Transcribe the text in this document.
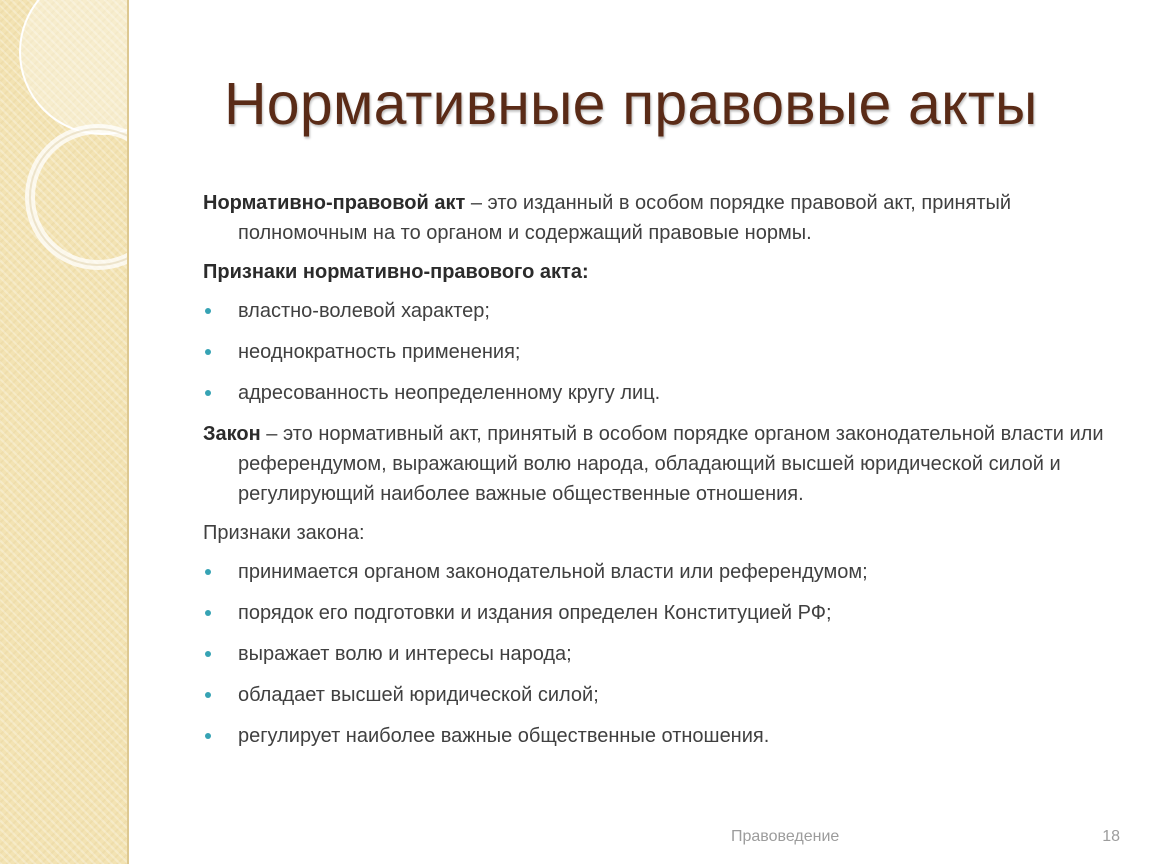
Нормативные правовые акты

Нормативно-правовой акт – это изданный в особом порядке правовой акт, принятый полномочным на то органом и содержащий правовые нормы.

Признаки нормативно-правового акта:

властно-волевой характер;
неоднократность применения;
адресованность неопределенному кругу лиц.

Закон – это нормативный акт, принятый в особом порядке органом законодательной власти или референдумом, выражающий волю народа, обладающий высшей юридической силой и регулирующий наиболее важные общественные отношения.

Признаки закона:

принимается органом законодательной власти или референдумом;
порядок его подготовки и издания определен Конституцией РФ;
выражает волю и интересы народа;
обладает высшей юридической силой;
регулирует наиболее важные общественные отношения.
Правоведение	18
